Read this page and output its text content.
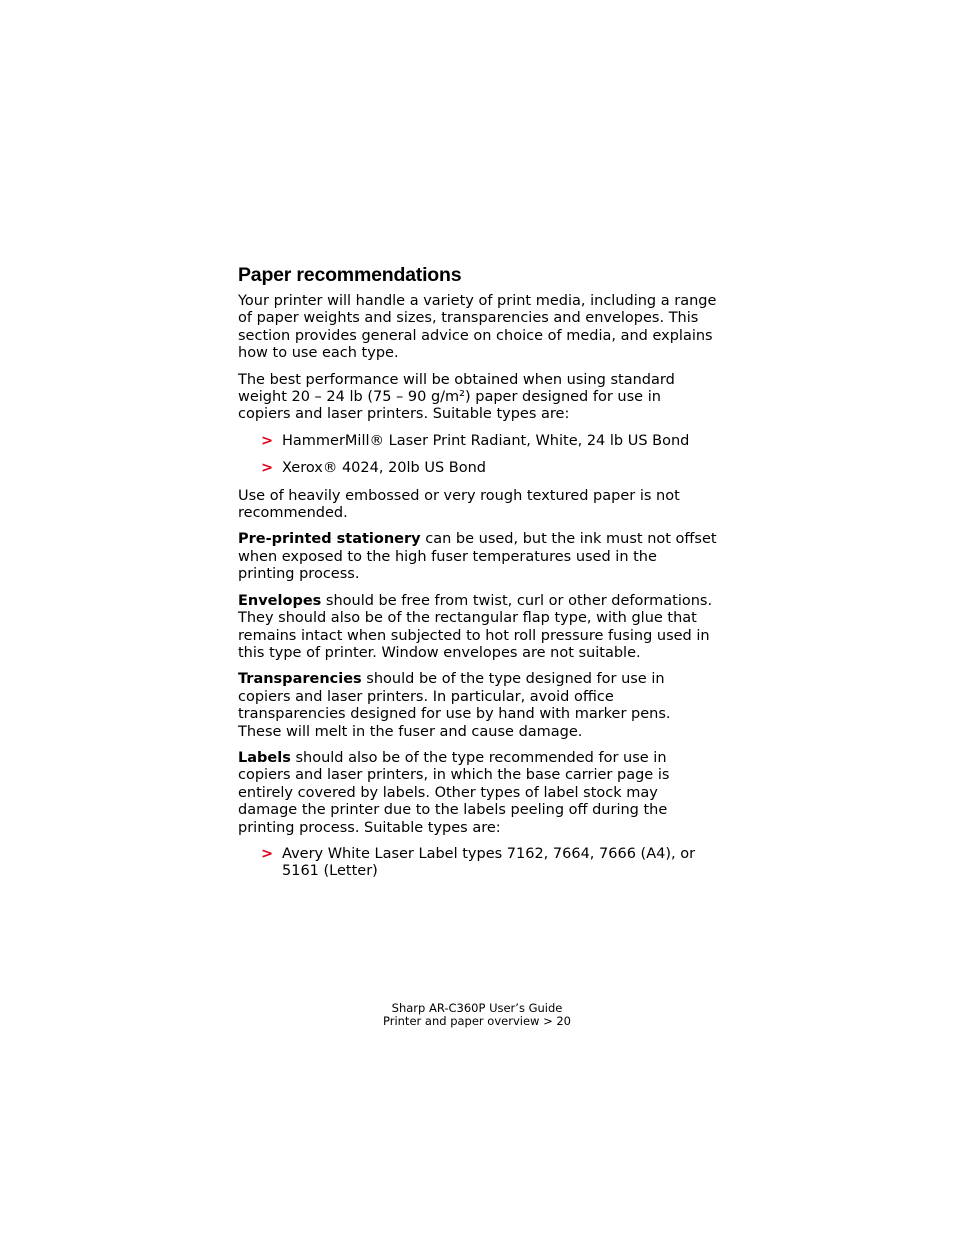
Paper recommendations

Your printer will handle a variety of print media, including a range of paper weights and sizes, transparencies and envelopes. This section provides general advice on choice of media, and explains how to use each type.

The best performance will be obtained when using standard weight 20 – 24 lb (75 – 90 g/m²) paper designed for use in copiers and laser printers. Suitable types are:

> HammerMill® Laser Print Radiant, White, 24 lb US Bond
> Xerox® 4024, 20lb US Bond

Use of heavily embossed or very rough textured paper is not recommended.

Pre-printed stationery can be used, but the ink must not offset when exposed to the high fuser temperatures used in the printing process.

Envelopes should be free from twist, curl or other deformations. They should also be of the rectangular flap type, with glue that remains intact when subjected to hot roll pressure fusing used in this type of printer. Window envelopes are not suitable.

Transparencies should be of the type designed for use in copiers and laser printers. In particular, avoid office transparencies designed for use by hand with marker pens. These will melt in the fuser and cause damage.

Labels should also be of the type recommended for use in copiers and laser printers, in which the base carrier page is entirely covered by labels. Other types of label stock may damage the printer due to the labels peeling off during the printing process. Suitable types are:

> Avery White Laser Label types 7162, 7664, 7666 (A4), or 5161 (Letter)
Sharp AR-C360P User’s Guide
Printer and paper overview > 20
